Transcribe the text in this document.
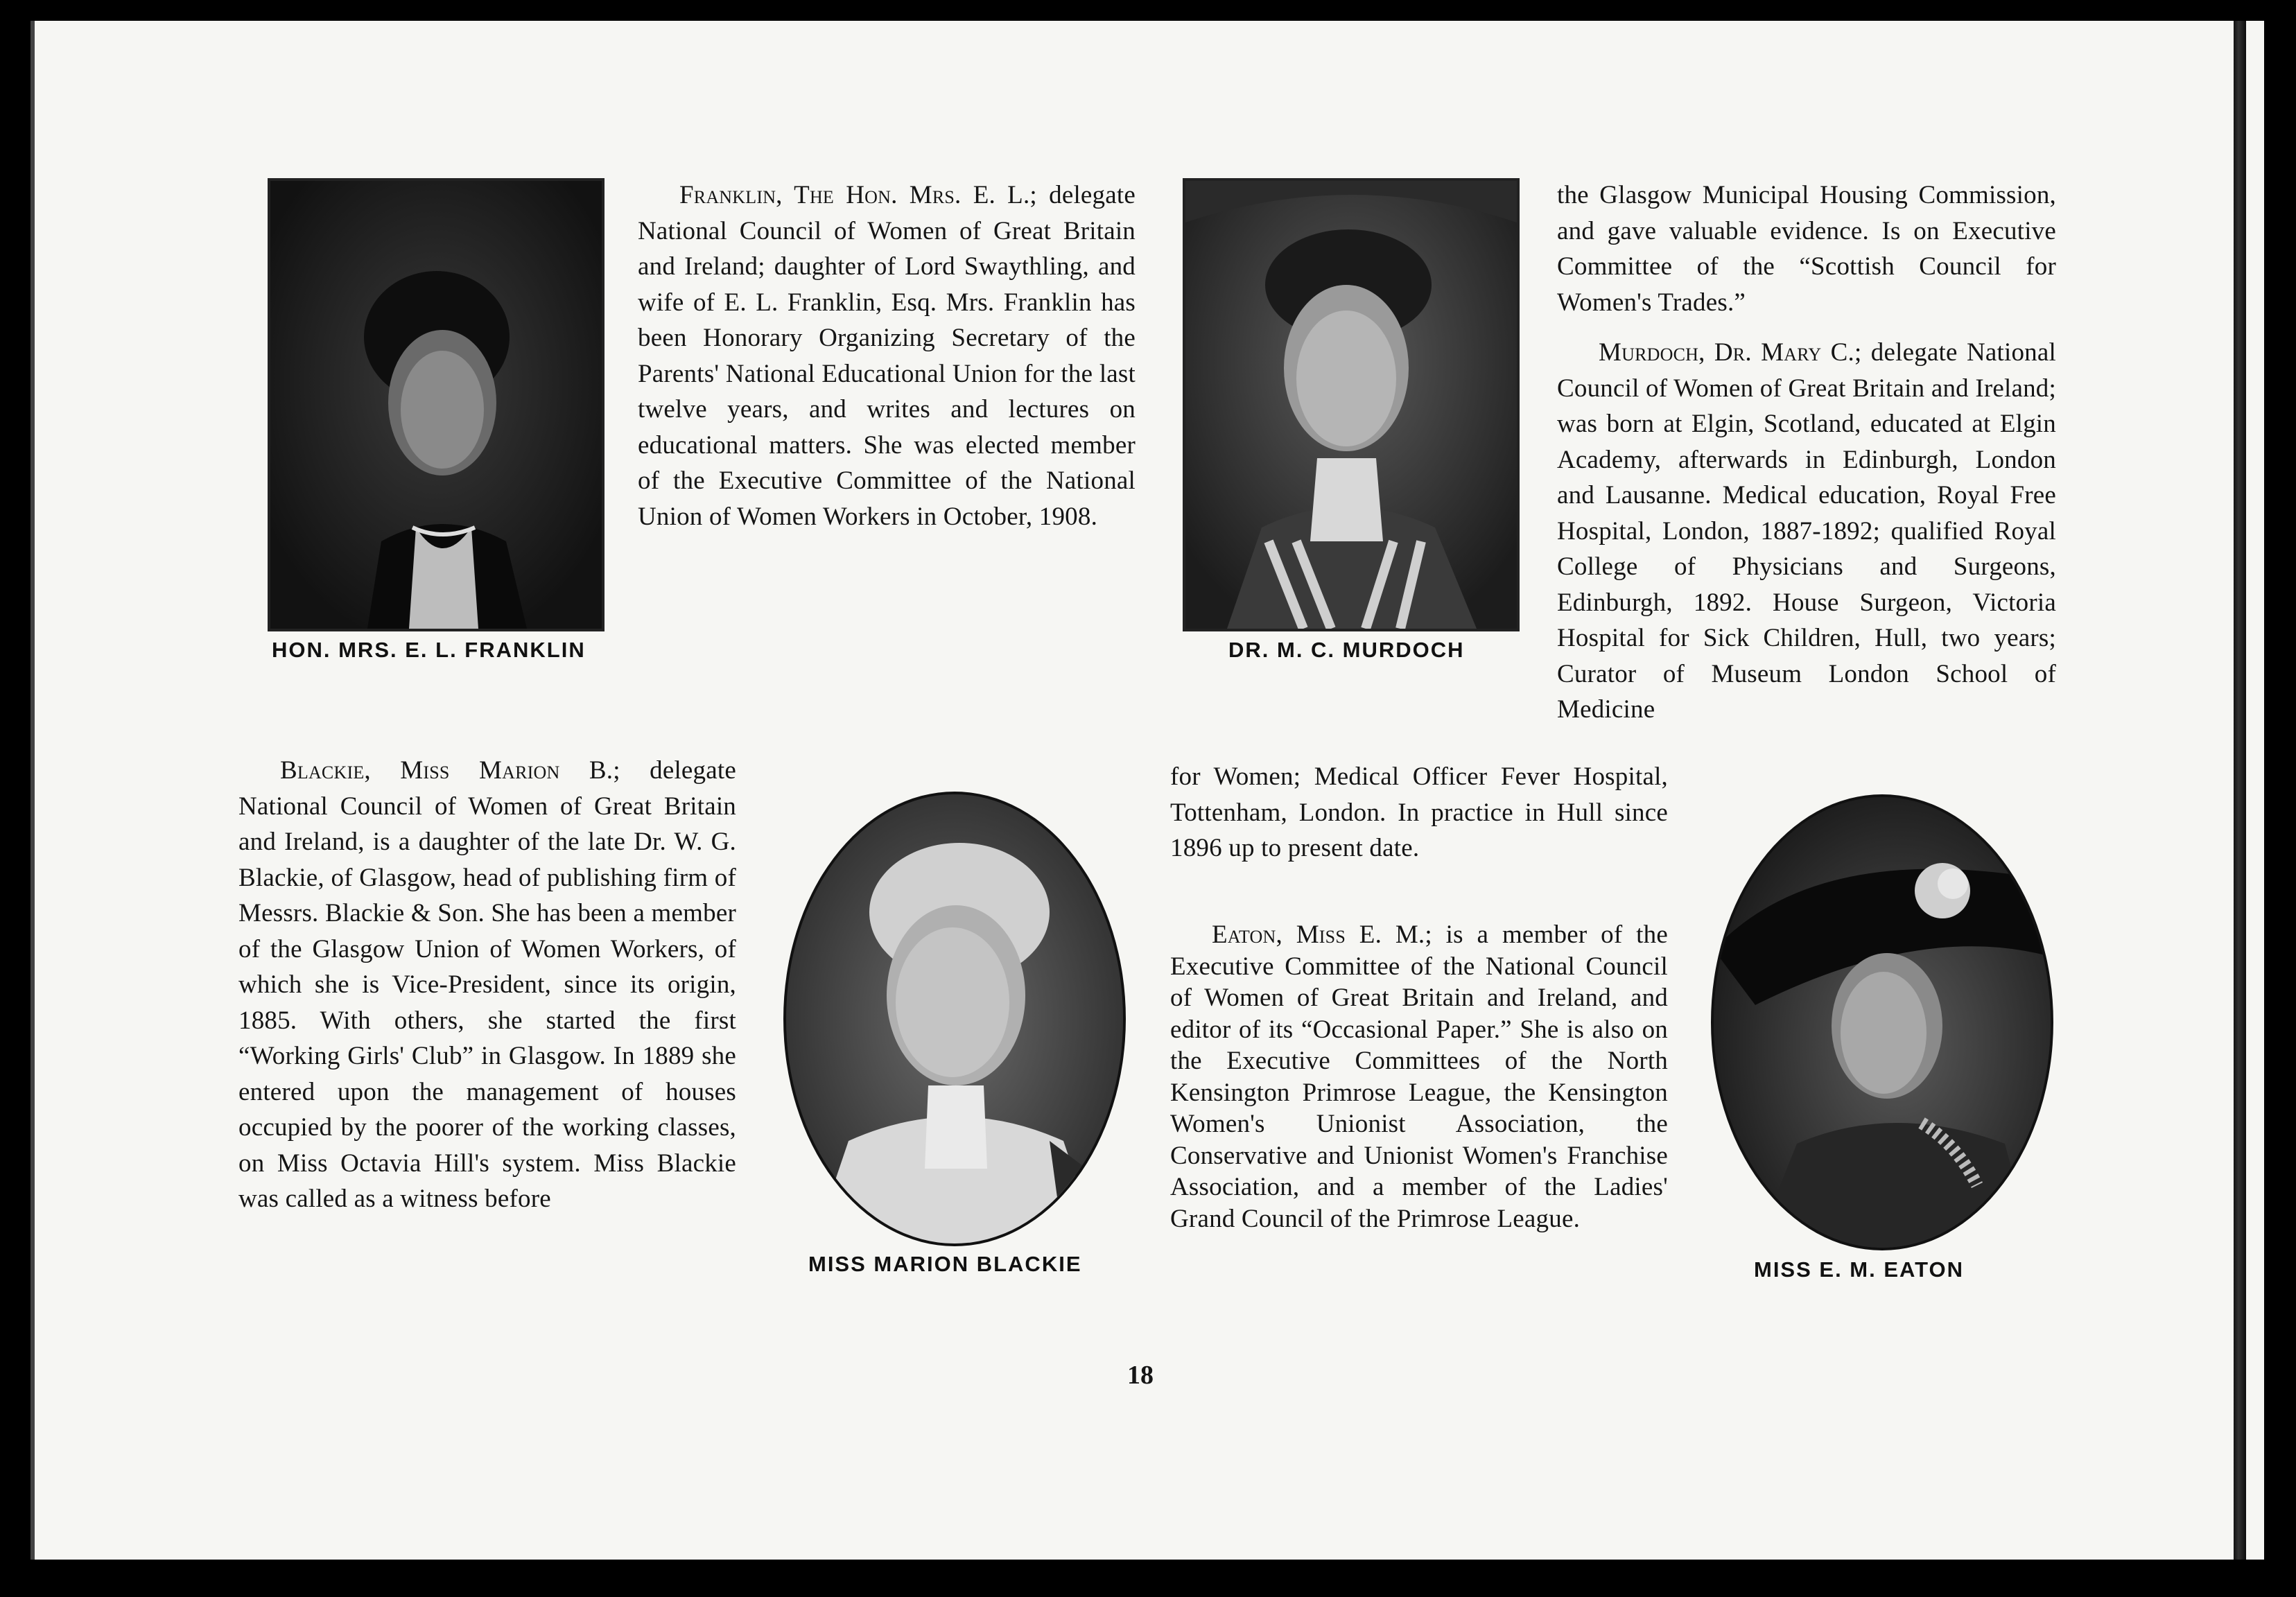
HON. MRS. E. L. FRANKLIN

Franklin, The Hon. Mrs. E. L.; delegate National Council of Women of Great Britain and Ireland; daughter of Lord Swaythling, and wife of E. L. Franklin, Esq. Mrs. Franklin has been Honorary Organizing Secretary of the Parents' National Educational Union for the last twelve years, and writes and lectures on educational matters. She was elected member of the Executive Committee of the National Union of Women Workers in October, 1908.

DR. M. C. MURDOCH

the Glasgow Municipal Housing Commission, and gave valuable evidence. Is on Executive Committee of the “Scottish Council for Women's Trades.”

Murdoch, Dr. Mary C.; delegate National Council of Women of Great Britain and Ireland; was born at Elgin, Scotland, educated at Elgin Academy, afterwards in Edinburgh, London and Lausanne. Medical education, Royal Free Hospital, London, 1887-1892; qualified Royal College of Physicians and Surgeons, Edinburgh, 1892. House Surgeon, Victoria Hospital for Sick Children, Hull, two years; Curator of Museum London School of Medicine

Blackie, Miss Marion B.; delegate National Council of Women of Great Britain and Ireland, is a daughter of the late Dr. W. G. Blackie, of Glasgow, head of publishing firm of Messrs. Blackie & Son. She has been a member of the Glasgow Union of Women Workers, of which she is Vice-President, since its origin, 1885. With others, she started the first “Working Girls' Club” in Glasgow. In 1889 she entered upon the management of houses occupied by the poorer of the working classes, on Miss Octavia Hill's system. Miss Blackie was called as a witness before

MISS MARION BLACKIE

for Women; Medical Officer Fever Hospital, Tottenham, London. In practice in Hull since 1896 up to present date.

Eaton, Miss E. M.; is a member of the Executive Committee of the National Council of Women of Great Britain and Ireland, and editor of its “Occasional Paper.” She is also on the Executive Committees of the North Kensington Primrose League, the Kensington Women's Unionist Association, the Conservative and Unionist Women's Franchise Association, and a member of the Ladies' Grand Council of the Primrose League.

MISS E. M. EATON
18
